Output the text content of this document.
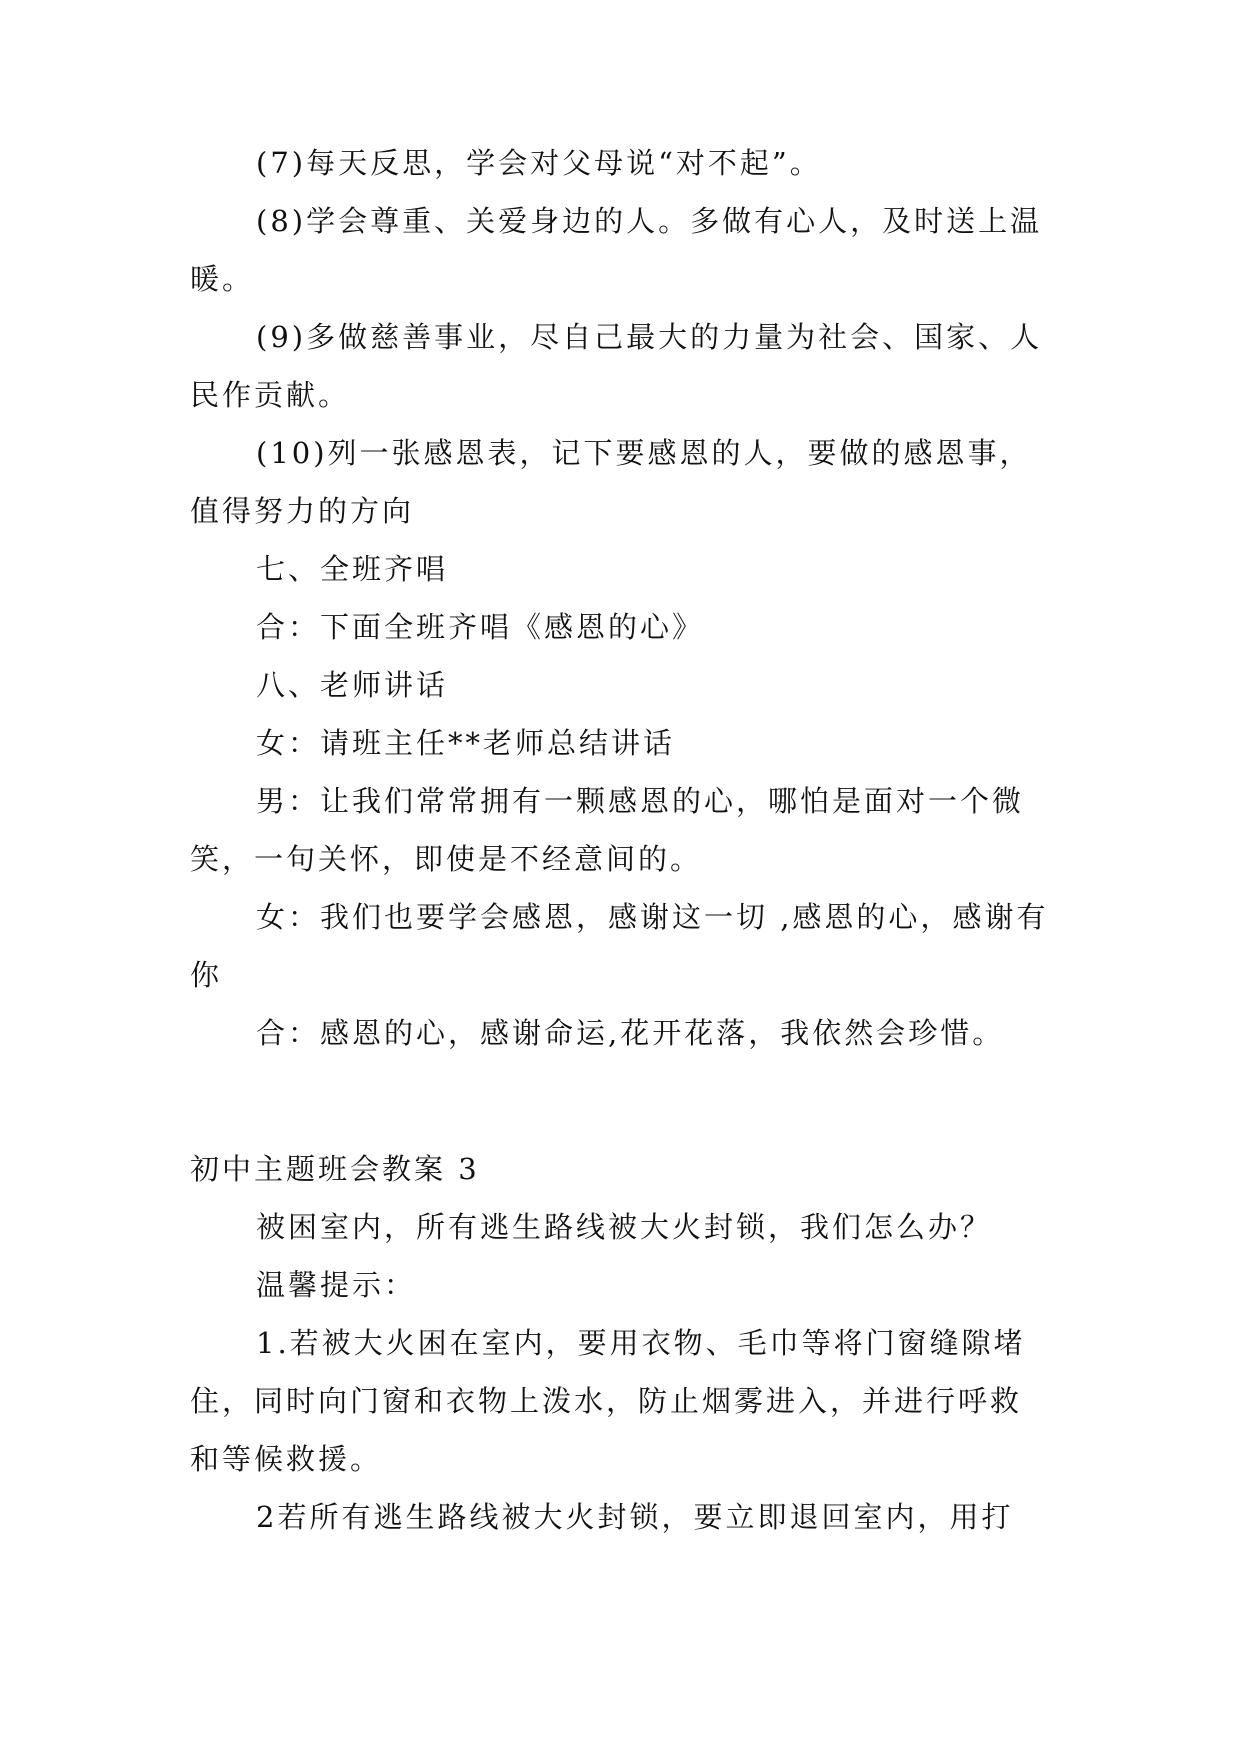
(7)每天反思，学会对父母说“对不起”。

(8)学会尊重、关爱身边的人。多做有心人，及时送上温暖。

(9)多做慈善事业，尽自己最大的力量为社会、国家、人民作贡献。

(10)列一张感恩表，记下要感恩的人，要做的感恩事，值得努力的方向

七、全班齐唱

合：下面全班齐唱《感恩的心》

八、老师讲话

女：请班主任**老师总结讲话

男：让我们常常拥有一颗感恩的心，哪怕是面对一个微笑，一句关怀，即使是不经意间的。

女：我们也要学会感恩，感谢这一切 ,感恩的心，感谢有你

合：感恩的心，感谢命运,花开花落，我依然会珍惜。

初中主题班会教案 3

被困室内，所有逃生路线被大火封锁，我们怎么办？

温馨提示：

1.若被大火困在室内，要用衣物、毛巾等将门窗缝隙堵住，同时向门窗和衣物上泼水，防止烟雾进入，并进行呼救和等候救援。

2若所有逃生路线被大火封锁，要立即退回室内，用打
